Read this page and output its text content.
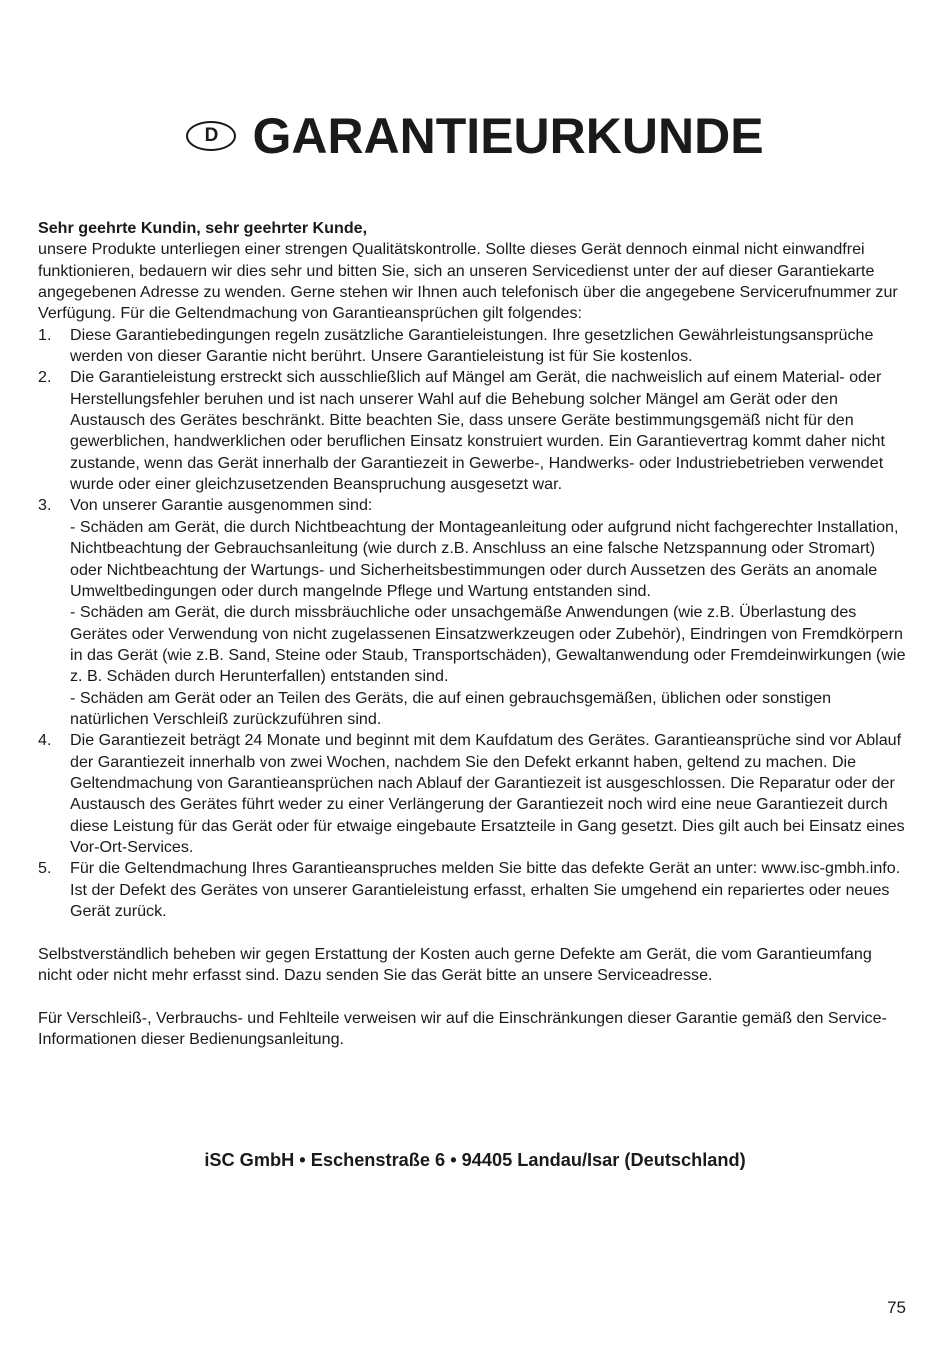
D GARANTIEURKUNDE

Sehr geehrte Kundin, sehr geehrter Kunde,

unsere Produkte unterliegen einer strengen Qualitätskontrolle. Sollte dieses Gerät dennoch einmal nicht einwandfrei funktionieren, bedauern wir dies sehr und bitten Sie, sich an unseren Servicedienst unter der auf dieser Garantiekarte angegebenen Adresse zu wenden. Gerne stehen wir Ihnen auch telefonisch über die angegebene Servicerufnummer zur Verfügung. Für die Geltendmachung von Garantieansprüchen gilt folgendes:

1. Diese Garantiebedingungen regeln zusätzliche Garantieleistungen. Ihre gesetzlichen Gewährleistungsansprüche werden von dieser Garantie nicht berührt. Unsere Garantieleistung ist für Sie kostenlos.
2. Die Garantieleistung erstreckt sich ausschließlich auf Mängel am Gerät, die nachweislich auf einem Material- oder Herstellungsfehler beruhen und ist nach unserer Wahl auf die Behebung solcher Mängel am Gerät oder den Austausch des Gerätes beschränkt. Bitte beachten Sie, dass unsere Geräte bestimmungsgemäß nicht für den gewerblichen, handwerklichen oder beruflichen Einsatz konstruiert wurden. Ein Garantievertrag kommt daher nicht zustande, wenn das Gerät innerhalb der Garantiezeit in Gewerbe-, Handwerks- oder Industriebetrieben verwendet wurde oder einer gleichzusetzenden Beanspruchung ausgesetzt war.
3. Von unserer Garantie ausgenommen sind:
- Schäden am Gerät, die durch Nichtbeachtung der Montageanleitung oder aufgrund nicht fachgerechter Installation, Nichtbeachtung der Gebrauchsanleitung (wie durch z.B. Anschluss an eine falsche Netzspannung oder Stromart) oder Nichtbeachtung der Wartungs- und Sicherheitsbestimmungen oder durch Aussetzen des Geräts an anomale Umweltbedingungen oder durch mangelnde Pflege und Wartung entstanden sind.
- Schäden am Gerät, die durch missbräuchliche oder unsachgemäße Anwendungen (wie z.B. Überlastung des Gerätes oder Verwendung von nicht zugelassenen Einsatzwerkzeugen oder Zubehör), Eindringen von Fremdkörpern in das Gerät (wie z.B. Sand, Steine oder Staub, Transportschäden), Gewaltanwendung oder Fremdeinwirkungen (wie z. B. Schäden durch Herunterfallen) entstanden sind.
- Schäden am Gerät oder an Teilen des Geräts, die auf einen gebrauchsgemäßen, üblichen oder sonstigen natürlichen Verschleiß zurückzuführen sind.
4. Die Garantiezeit beträgt 24 Monate und beginnt mit dem Kaufdatum des Gerätes. Garantieansprüche sind vor Ablauf der Garantiezeit innerhalb von zwei Wochen, nachdem Sie den Defekt erkannt haben, geltend zu machen. Die Geltendmachung von Garantieansprüchen nach Ablauf der Garantiezeit ist ausgeschlossen. Die Reparatur oder der Austausch des Gerätes führt weder zu einer Verlängerung der Garantiezeit noch wird eine neue Garantiezeit durch diese Leistung für das Gerät oder für etwaige eingebaute Ersatzteile in Gang gesetzt. Dies gilt auch bei Einsatz eines Vor-Ort-Services.
5. Für die Geltendmachung Ihres Garantieanspruches melden Sie bitte das defekte Gerät an unter: www.isc-gmbh.info. Ist der Defekt des Gerätes von unserer Garantieleistung erfasst, erhalten Sie umgehend ein repariertes oder neues Gerät zurück.

Selbstverständlich beheben wir gegen Erstattung der Kosten auch gerne Defekte am Gerät, die vom Garantieumfang nicht oder nicht mehr erfasst sind. Dazu senden Sie das Gerät bitte an unsere Serviceadresse.

Für Verschleiß-, Verbrauchs- und Fehlteile verweisen wir auf die Einschränkungen dieser Garantie gemäß den Service-Informationen dieser Bedienungsanleitung.

iSC GmbH • Eschenstraße 6 • 94405 Landau/Isar (Deutschland)
75
